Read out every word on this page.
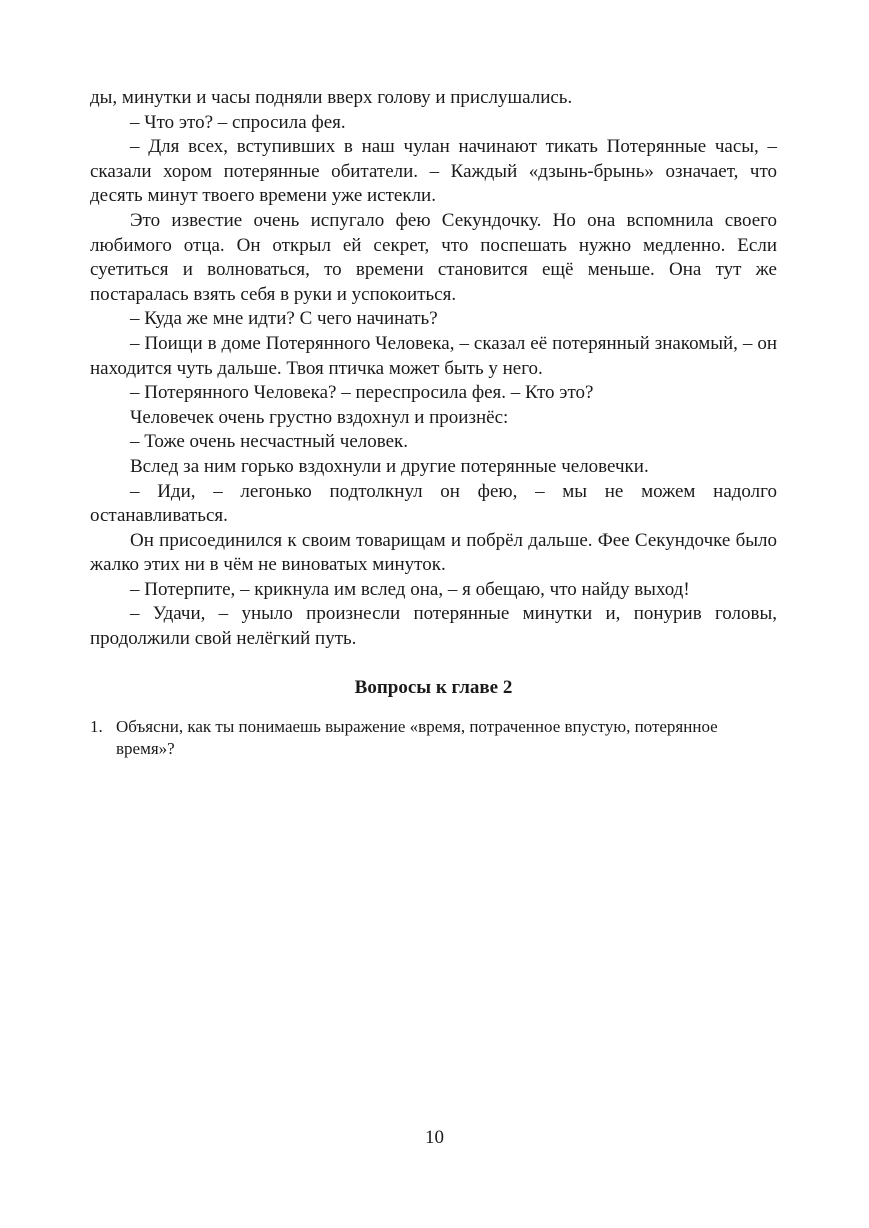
ды, минутки и часы подняли вверх голову и прислушались.

– Что это? – спросила фея.

– Для всех, вступивших в наш чулан начинают тикать Потерянные часы, – сказали хором потерянные обитатели. – Каждый «дзынь-брынь» означает, что десять минут твоего времени уже истекли.

Это известие очень испугало фею Секундочку. Но она вспомнила своего любимого отца. Он открыл ей секрет, что поспешать нужно медленно. Если суетиться и волноваться, то времени становится ещё меньше. Она тут же постаралась взять себя в руки и успокоиться.

– Куда же мне идти? С чего начинать?

– Поищи в доме Потерянного Человека, – сказал её потерянный знакомый, – он находится чуть дальше. Твоя птичка может быть у него.

– Потерянного Человека? – переспросила фея. – Кто это?

Человечек очень грустно вздохнул и произнёс:

– Тоже очень несчастный человек.

Вслед за ним горько вздохнули и другие потерянные человечки.

– Иди, – легонько подтолкнул он фею, – мы не можем надолго останавливаться.

Он присоединился к своим товарищам и побрёл дальше. Фее Секундочке было жалко этих ни в чём не виноватых минуток.

– Потерпите, – крикнула им вслед она, – я обещаю, что найду выход!

– Удачи, – уныло произнесли потерянные минутки и, понурив головы, продолжили свой нелёгкий путь.

Вопросы к главе 2
1. Объясни, как ты понимаешь выражение «время, потраченное впустую, потерянное время»?
10
